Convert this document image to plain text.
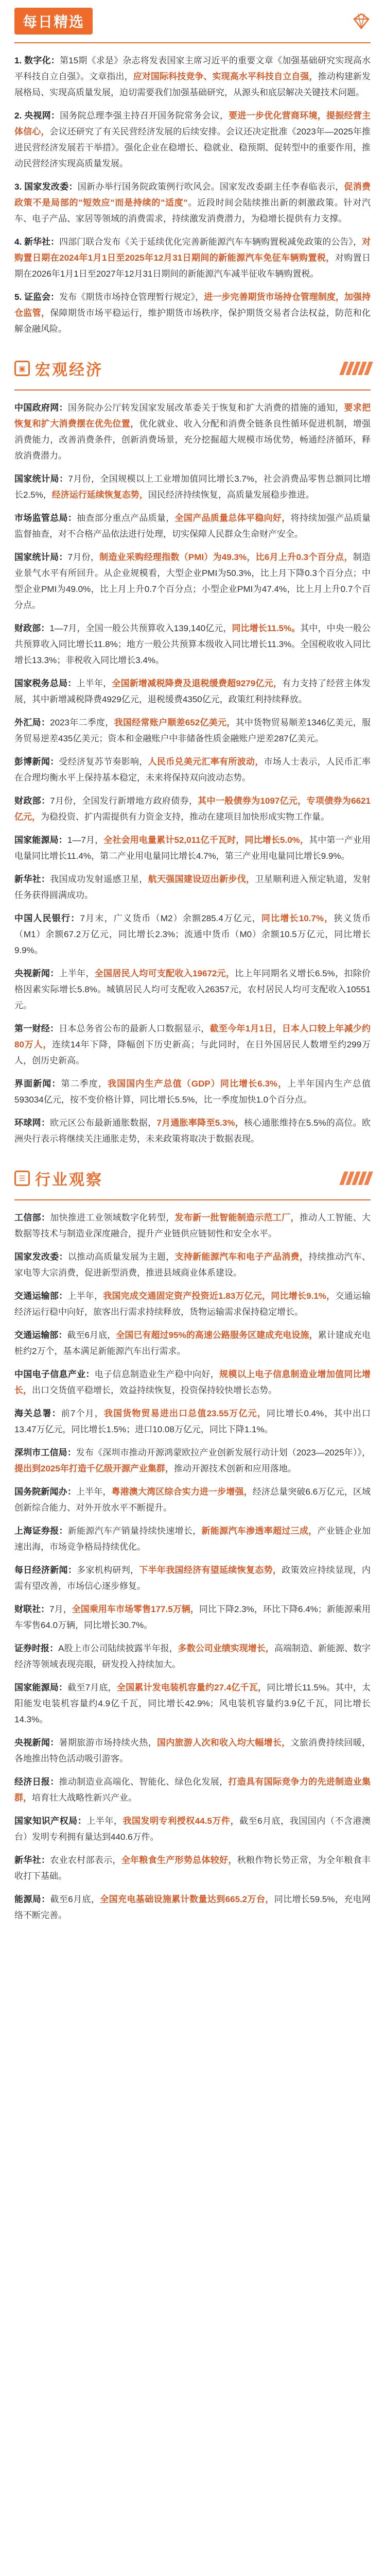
每日精选

1. 数字化：第15期《求是》杂志将发表国家主席习近平的重要文章《加强基础研究实现高水平科技自立自强》。文章指出，应对国际科技竞争、实现高水平科技自立自强，推动构建新发展格局、实现高质量发展，迫切需要我们加强基础研究，从源头和底层解决关键技术问题。

2. 央视网：国务院总理李强主持召开国务院常务会议，要进一步优化营商环境，提振经营主体信心，会议还研究了有关民营经济发展的后续安排。会议还决定批准《2023年—2025年推进民营经济发展若干举措》。强化企业在稳增长、稳就业、稳预期、促转型中的重要作用，推动民营经济实现高质量发展。

3. 国家发改委：国新办举行国务院政策例行吹风会。国家发改委副主任李春临表示，促消费政策不是局部的"短效应"而是持续的"适度"。近段时间会陆续推出新的刺激政策。针对汽车、电子产品、家居等领域的消费需求，持续激发消费潜力，为稳增长提供有力支撑。

4. 新华社：四部门联合发布《关于延续优化完善新能源汽车车辆购置税减免政策的公告》，对购置日期在2024年1月1日至2025年12月31日期间的新能源汽车免征车辆购置税，对购置日期在2026年1月1日至2027年12月31日期间的新能源汽车减半征收车辆购置税。

5. 证监会：发布《期货市场持仓管理暂行规定》，进一步完善期货市场持仓管理制度，加强持仓监管，保障期货市场平稳运行，维护期货市场秩序，保护期货交易者合法权益，防范和化解金融风险。

▣ 宏观经济

中国政府网：国务院办公厅转发国家发展改革委关于恢复和扩大消费的措施的通知，要求把恢复和扩大消费摆在优先位置，优化就业、收入分配和消费全链条良性循环促进机制，增强消费能力，改善消费条件，创新消费场景，充分挖掘超大规模市场优势，畅通经济循环，释放消费潜力。

国家统计局：7月份，全国规模以上工业增加值同比增长3.7%，社会消费品零售总额同比增长2.5%，经济运行延续恢复态势，国民经济持续恢复，高质量发展稳步推进。

市场监管总局：抽查部分重点产品质量，全国产品质量总体平稳向好，将持续加强产品质量监督抽查，对不合格产品依法进行处理，切实保障人民群众生命财产安全。

国家统计局：7月份，制造业采购经理指数（PMI）为49.3%，比6月上升0.3个百分点，制造业景气水平有所回升。从企业规模看，大型企业PMI为50.3%，比上月下降0.3个百分点；中型企业PMI为49.0%，比上月上升0.7个百分点；小型企业PMI为47.4%，比上月上升0.7个百分点。

财政部：1—7月，全国一般公共预算收入139,140亿元，同比增长11.5%。其中，中央一般公共预算收入同比增长11.8%；地方一般公共预算本级收入同比增长11.3%。全国税收收入同比增长13.3%；非税收入同比增长3.4%。

国家税务总局：上半年，全国新增减税降费及退税缓费超9279亿元，有力支持了经营主体发展，其中新增减税降费4929亿元，退税缓费4350亿元，政策红利持续释放。

外汇局：2023年二季度，我国经常账户顺差652亿美元，其中货物贸易顺差1346亿美元，服务贸易逆差435亿美元；资本和金融账户中非储备性质金融账户逆差287亿美元。

彭博新闻：受经济复苏节奏影响，人民币兑美元汇率有所波动，市场人士表示，人民币汇率在合理均衡水平上保持基本稳定，未来将保持双向波动态势。

财政部：7月份，全国发行新增地方政府债券，其中一般债券为1097亿元，专项债券为6621亿元，为稳投资、扩内需提供有力资金支持，推动在建项目加快形成实物工作量。

国家能源局：1—7月，全社会用电量累计52,011亿千瓦时，同比增长5.0%，其中第一产业用电量同比增长11.4%，第二产业用电量同比增长4.7%，第三产业用电量同比增长9.9%。

新华社：我国成功发射遥感卫星，航天强国建设迈出新步伐，卫星顺利进入预定轨道，发射任务获得圆满成功。

中国人民银行：7月末，广义货币（M2）余额285.4万亿元，同比增长10.7%，狭义货币（M1）余额67.2万亿元，同比增长2.3%；流通中货币（M0）余额10.5万亿元，同比增长9.9%。

央视新闻：上半年，全国居民人均可支配收入19672元，比上年同期名义增长6.5%，扣除价格因素实际增长5.8%。城镇居民人均可支配收入26357元，农村居民人均可支配收入10551元。

第一财经：日本总务省公布的最新人口数据显示，截至今年1月1日，日本人口较上年减少约80万人，连续14年下降，降幅创下历史新高；与此同时，在日外国居民人数增至约299万人，创历史新高。

界面新闻：第二季度，我国国内生产总值（GDP）同比增长6.3%，上半年国内生产总值593034亿元，按不变价格计算，同比增长5.5%，比一季度加快1.0个百分点。

环球网：欧元区公布最新通胀数据，7月通胀率降至5.3%，核心通胀维持在5.5%的高位。欧洲央行表示将继续关注通胀走势，未来政策将取决于数据表现。

☰ 行业观察

工信部：加快推进工业领域数字化转型，发布新一批智能制造示范工厂，推动人工智能、大数据等技术与制造业深度融合，提升产业链供应链韧性和安全水平。

国家发改委：以推动高质量发展为主题，支持新能源汽车和电子产品消费，持续推动汽车、家电等大宗消费，促进新型消费，推进县域商业体系建设。

交通运输部：上半年，我国完成交通固定资产投资近1.83万亿元，同比增长9.1%，交通运输经济运行稳中向好，旅客出行需求持续释放，货物运输需求保持稳定增长。

交通运输部：截至6月底，全国已有超过95%的高速公路服务区建成充电设施，累计建成充电桩约2万个，基本满足新能源汽车出行需求。

中国电子信息产业：电子信息制造业生产稳中向好，规模以上电子信息制造业增加值同比增长，出口交货值平稳增长，效益持续恢复，投资保持较快增长态势。

海关总署：前7个月，我国货物贸易进出口总值23.55万亿元，同比增长0.4%，其中出口13.47万亿元，同比增长1.5%；进口10.08万亿元，同比下降1.1%。

深圳市工信局：发布《深圳市推动开源鸿蒙欧拉产业创新发展行动计划（2023—2025年）》，提出到2025年打造千亿级开源产业集群，推动开源技术创新和应用落地。

国务院新闻办：上半年，粤港澳大湾区综合实力进一步增强，经济总量突破6.6万亿元，区域创新综合能力、对外开放水平不断提升。

上海证券报：新能源汽车产销量持续快速增长，新能源汽车渗透率超过三成，产业链企业加速出海，市场竞争格局持续优化。

每日经济新闻：多家机构研判，下半年我国经济有望延续恢复态势，政策效应持续显现，内需有望改善，市场信心逐步修复。

财联社：7月，全国乘用车市场零售177.5万辆，同比下降2.3%，环比下降6.4%；新能源乘用车零售64.0万辆，同比增长30.7%。

证券时报：A股上市公司陆续披露半年报，多数公司业绩实现增长，高端制造、新能源、数字经济等领域表现亮眼，研发投入持续加大。

国家能源局：截至7月底，全国累计发电装机容量约27.4亿千瓦，同比增长11.5%。其中，太阳能发电装机容量约4.9亿千瓦，同比增长42.9%；风电装机容量约3.9亿千瓦，同比增长14.3%。

央视新闻：暑期旅游市场持续火热，国内旅游人次和收入均大幅增长，文旅消费持续回暖，各地推出特色活动吸引游客。

经济日报：推动制造业高端化、智能化、绿色化发展，打造具有国际竞争力的先进制造业集群，培育壮大战略性新兴产业。

国家知识产权局：上半年，我国发明专利授权44.5万件，截至6月底，我国国内（不含港澳台）发明专利拥有量达到440.6万件。

新华社：农业农村部表示，全年粮食生产形势总体较好，秋粮作物长势正常，为全年粮食丰收打下基础。

能源局：截至6月底，全国充电基础设施累计数量达到665.2万台，同比增长59.5%，充电网络不断完善。
